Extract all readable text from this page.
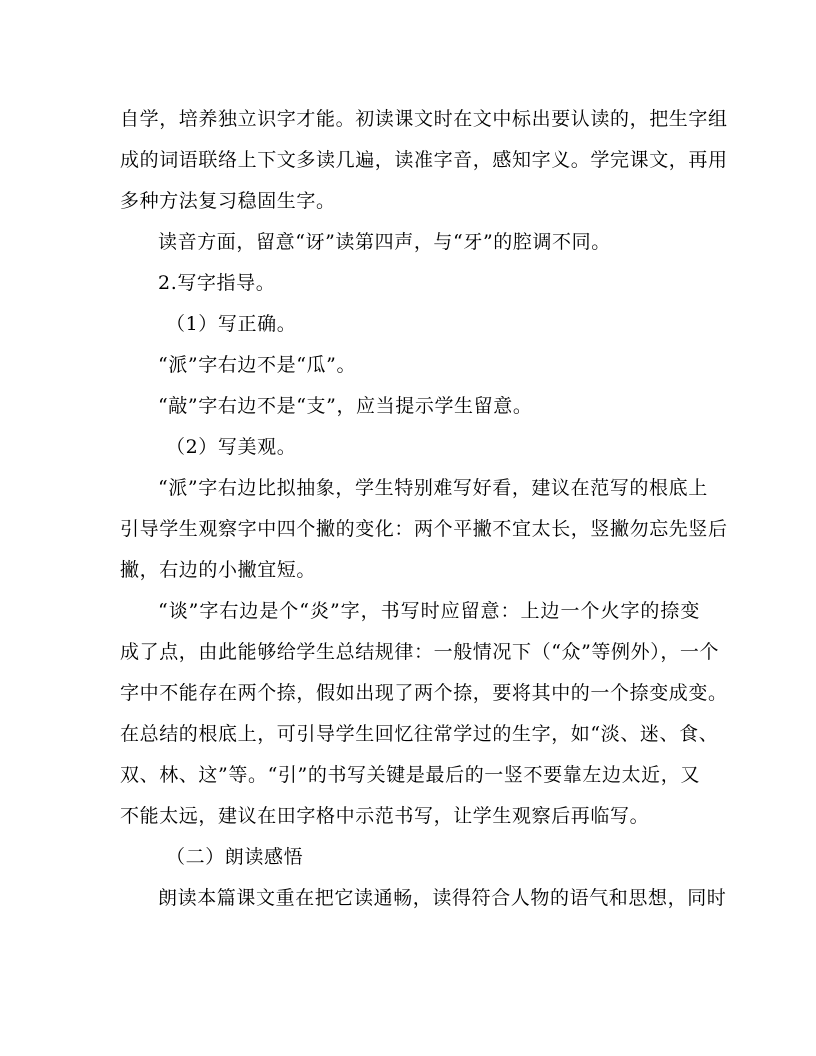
自学，培养独立识字才能。初读课文时在文中标出要认读的，把生字组
成的词语联络上下文多读几遍，读准字音，感知字义。学完课文，再用
多种方法复习稳固生字。
读音方面，留意“讶”读第四声，与“牙”的腔调不同。
2.写字指导。
（1）写正确。
“派”字右边不是“瓜”。
“敲”字右边不是“支”，应当提示学生留意。
（2）写美观。
“派”字右边比拟抽象，学生特别难写好看，建议在范写的根底上
引导学生观察字中四个撇的变化：两个平撇不宜太长，竖撇勿忘先竖后
撇，右边的小撇宜短。
“谈”字右边是个“炎”字，书写时应留意：上边一个火字的捺变
成了点，由此能够给学生总结规律：一般情况下（“众”等例外），一个
字中不能存在两个捺，假如出现了两个捺，要将其中的一个捺变成变。
在总结的根底上，可引导学生回忆往常学过的生字，如“淡、迷、食、
双、林、这”等。“引”的书写关键是最后的一竖不要靠左边太近，又
不能太远，建议在田字格中示范书写，让学生观察后再临写。
（二）朗读感悟
朗读本篇课文重在把它读通畅，读得符合人物的语气和思想，同时
